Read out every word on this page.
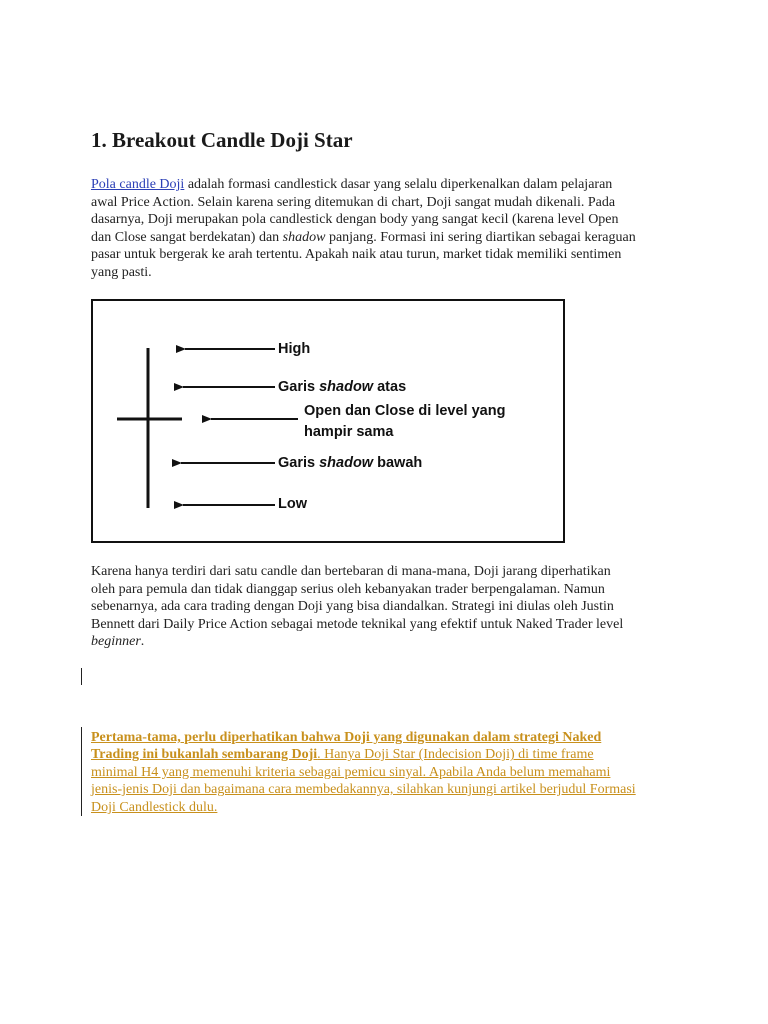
1. Breakout Candle Doji Star

Pola candle Doji adalah formasi candlestick dasar yang selalu diperkenalkan dalam pelajaran
awal Price Action. Selain karena sering ditemukan di chart, Doji sangat mudah dikenali. Pada
dasarnya, Doji merupakan pola candlestick dengan body yang sangat kecil (karena level Open
dan Close sangat berdekatan) dan shadow panjang. Formasi ini sering diartikan sebagai keraguan
pasar untuk bergerak ke arah tertentu. Apakah naik atau turun, market tidak memiliki sentimen
yang pasti.

High
Garis shadow atas
Open dan Close di level yang
hampir sama
Garis shadow bawah
Low

Karena hanya terdiri dari satu candle dan bertebaran di mana-mana, Doji jarang diperhatikan
oleh para pemula dan tidak dianggap serius oleh kebanyakan trader berpengalaman. Namun
sebenarnya, ada cara trading dengan Doji yang bisa diandalkan. Strategi ini diulas oleh Justin
Bennett dari Daily Price Action sebagai metode teknikal yang efektif untuk Naked Trader level
beginner.

Pertama-tama, perlu diperhatikan bahwa Doji yang digunakan dalam strategi Naked
Trading ini bukanlah sembarang Doji. Hanya Doji Star (Indecision Doji) di time frame
minimal H4 yang memenuhi kriteria sebagai pemicu sinyal. Apabila Anda belum memahami
jenis-jenis Doji dan bagaimana cara membedakannya, silahkan kunjungi artikel berjudul Formasi
Doji Candlestick dulu.
